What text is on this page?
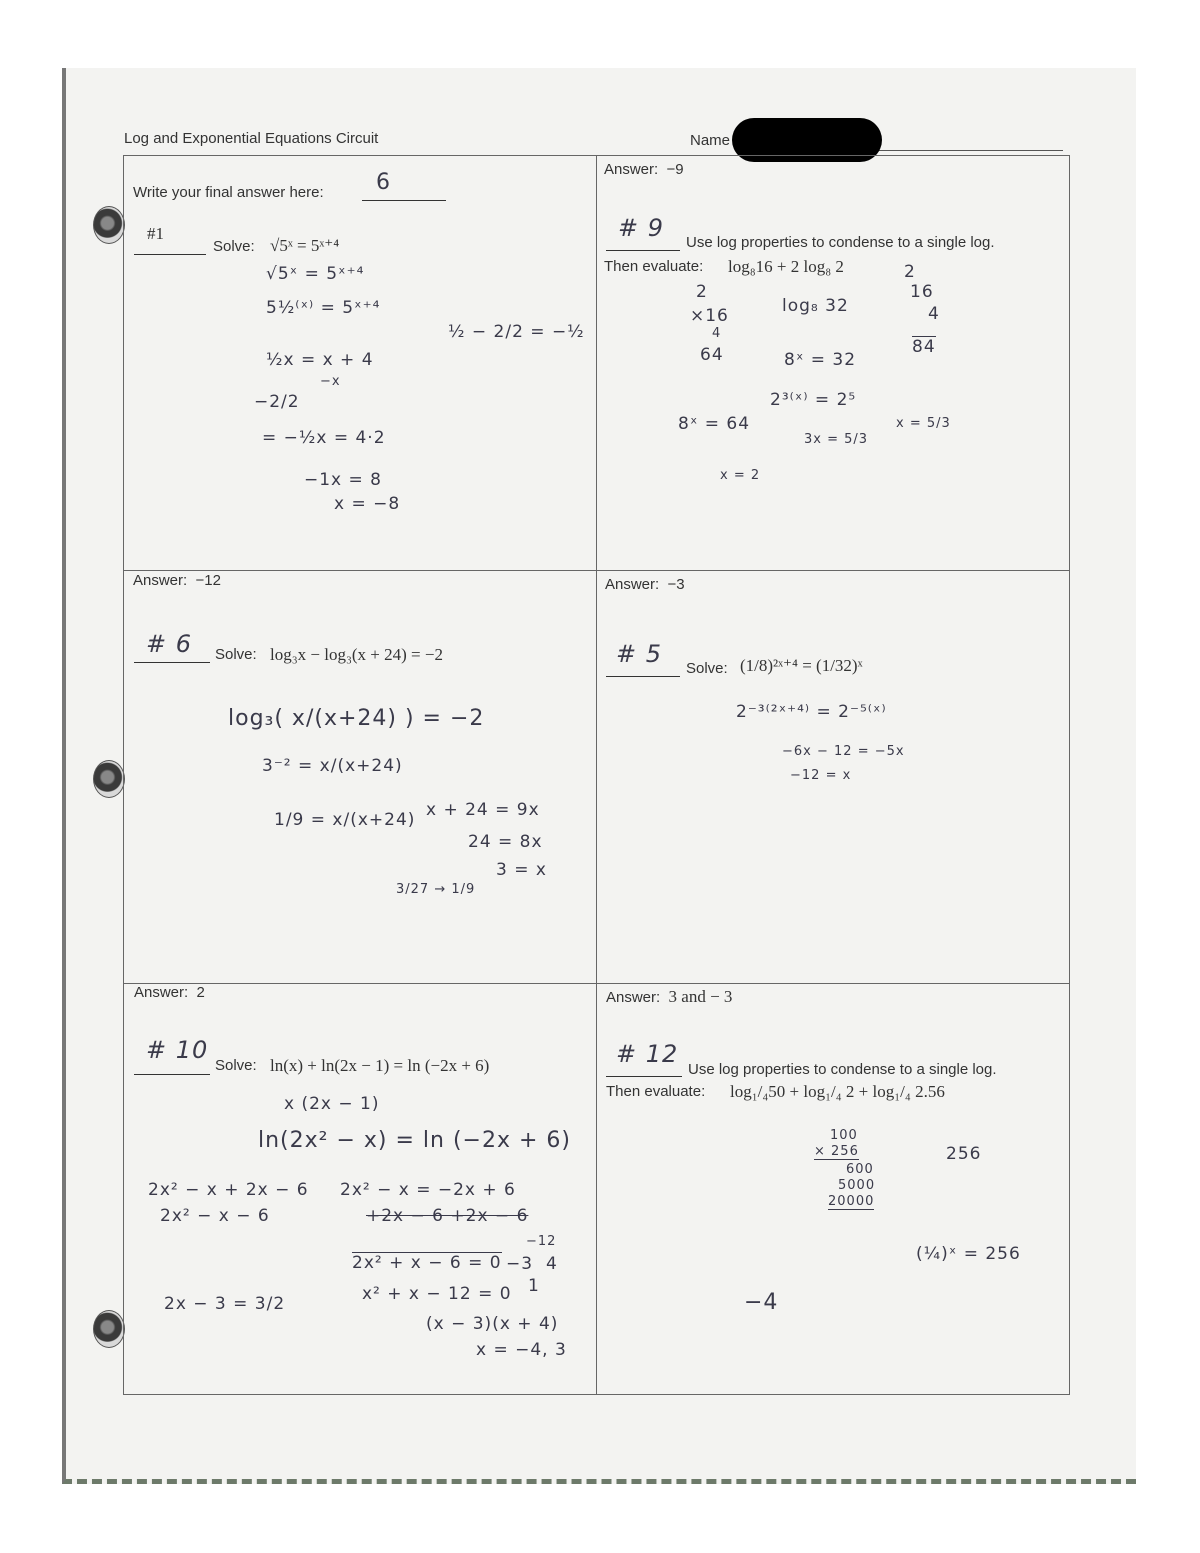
Log and Exponential Equations Circuit	Name
Write your final answer here: 6
#1
Solve: √5ˣ = 5ˣ⁺⁴
√5ˣ = 5ˣ⁺⁴
5½⁽ˣ⁾ = 5ˣ⁺⁴
½x = x + 4
−x
−2/2
= −½x = 4·2
−1x = 8
x = −8
½ − 2/2 = −½
Answer: −9
# 9
Use log properties to condense to a single log.
Then evaluate: log₈16 + 2 log₈ 2
2
×16
4
64
log₈ 32
8ˣ = 32
2³⁽ˣ⁾ = 2⁵
3x = 5/3
8ˣ = 64
x = 2
2
16
4
84
x = 5/3
Answer: −12
# 6 Solve: log₃x − log₃(x + 24) = −2
log₃( x/(x+24) ) = −2
3⁻² = x/(x+24)
1/9 = x/(x+24) x + 24 = 9x
24 = 8x
3 = x
3/27 → 1/9
Answer: −3
# 5
Solve: (1/8)²ˣ⁺⁴ = (1/32)ˣ
2⁻³⁽²ˣ⁺⁴⁾ = 2⁻⁵⁽ˣ⁾
−6x − 12 = −5x
−12 = x
Answer: 2
# 10
Solve: ln(x) + ln(2x − 1) = ln (−2x + 6)
x (2x − 1)
ln(2x² − x) = ln (−2x + 6)
2x² − x + 2x − 6
2x² − x − 6
2x² − x = −2x + 6
+2x − 6 +2x − 6
2x² + x − 6 = 0
x² + x − 12 = 0
(x − 3)(x + 4)
x = −4, 3
2x − 3 = 3/2
−12
−3 4
1
Answer: 3 and − 3
# 12
Use log properties to condense to a single log.
Then evaluate: log₁/₄50 + log₁/₄ 2 + log₁/₄ 2.56
100
× 256
600
5000
20000
256
(¼)ˣ = 256
−4
